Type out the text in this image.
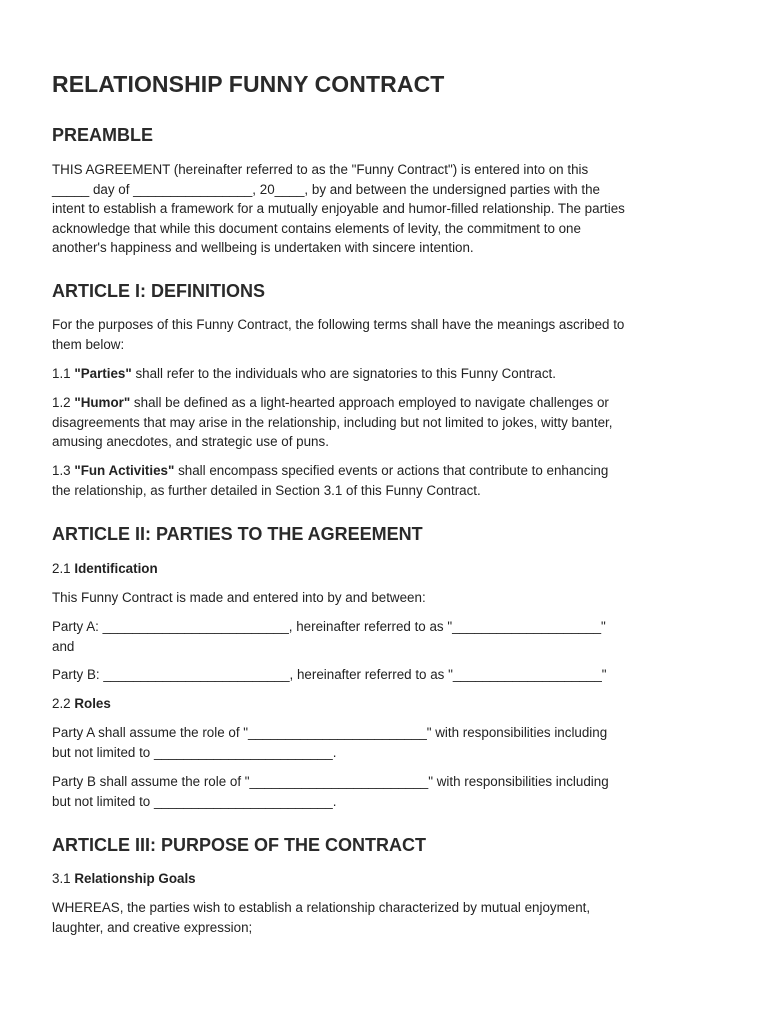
RELATIONSHIP FUNNY CONTRACT
PREAMBLE

THIS AGREEMENT (hereinafter referred to as the "Funny Contract") is entered into on this
_____ day of ________________, 20____, by and between the undersigned parties with the
intent to establish a framework for a mutually enjoyable and humor-filled relationship. The parties
acknowledge that while this document contains elements of levity, the commitment to one
another's happiness and wellbeing is undertaken with sincere intention.

ARTICLE I: DEFINITIONS

For the purposes of this Funny Contract, the following terms shall have the meanings ascribed to
them below:

1.1 "Parties" shall refer to the individuals who are signatories to this Funny Contract.

1.2 "Humor" shall be defined as a light-hearted approach employed to navigate challenges or
disagreements that may arise in the relationship, including but not limited to jokes, witty banter,
amusing anecdotes, and strategic use of puns.

1.3 "Fun Activities" shall encompass specified events or actions that contribute to enhancing
the relationship, as further detailed in Section 3.1 of this Funny Contract.

ARTICLE II: PARTIES TO THE AGREEMENT

2.1 Identification

This Funny Contract is made and entered into by and between:

Party A: _________________________, hereinafter referred to as "____________________"
and

Party B: _________________________, hereinafter referred to as "____________________"

2.2 Roles

Party A shall assume the role of "________________________" with responsibilities including
but not limited to ________________________.

Party B shall assume the role of "________________________" with responsibilities including
but not limited to ________________________.

ARTICLE III: PURPOSE OF THE CONTRACT

3.1 Relationship Goals

WHEREAS, the parties wish to establish a relationship characterized by mutual enjoyment,
laughter, and creative expression;
